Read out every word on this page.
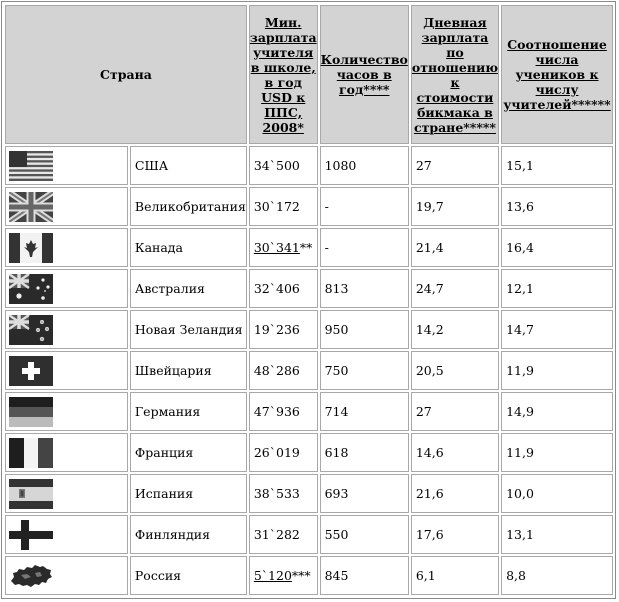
Страна		Мин. зарплата учителя в школе, в год USD к ППС, 2008*	Количество часов в год****	Дневная зарплата по отношению к стоимости бикмака в стране*****	Соотношение числа учеников к числу учителей******

	США	34`500	1080	27	15,1

	Великобритания	30`172	-	19,7	13,6

	Канада	30`341**	-	21,4	16,4

	Австралия	32`406	813	24,7	12,1

	Новая Зеландия	19`236	950	14,2	14,7

	Швейцария	48`286	750	20,5	11,9

	Германия	47`936	714	27	14,9

	Франция	26`019	618	14,6	11,9

	Испания	38`533	693	21,6	10,0

	Финляндия	31`282	550	17,6	13,1

	Россия	5`120***	845	6,1	8,8
